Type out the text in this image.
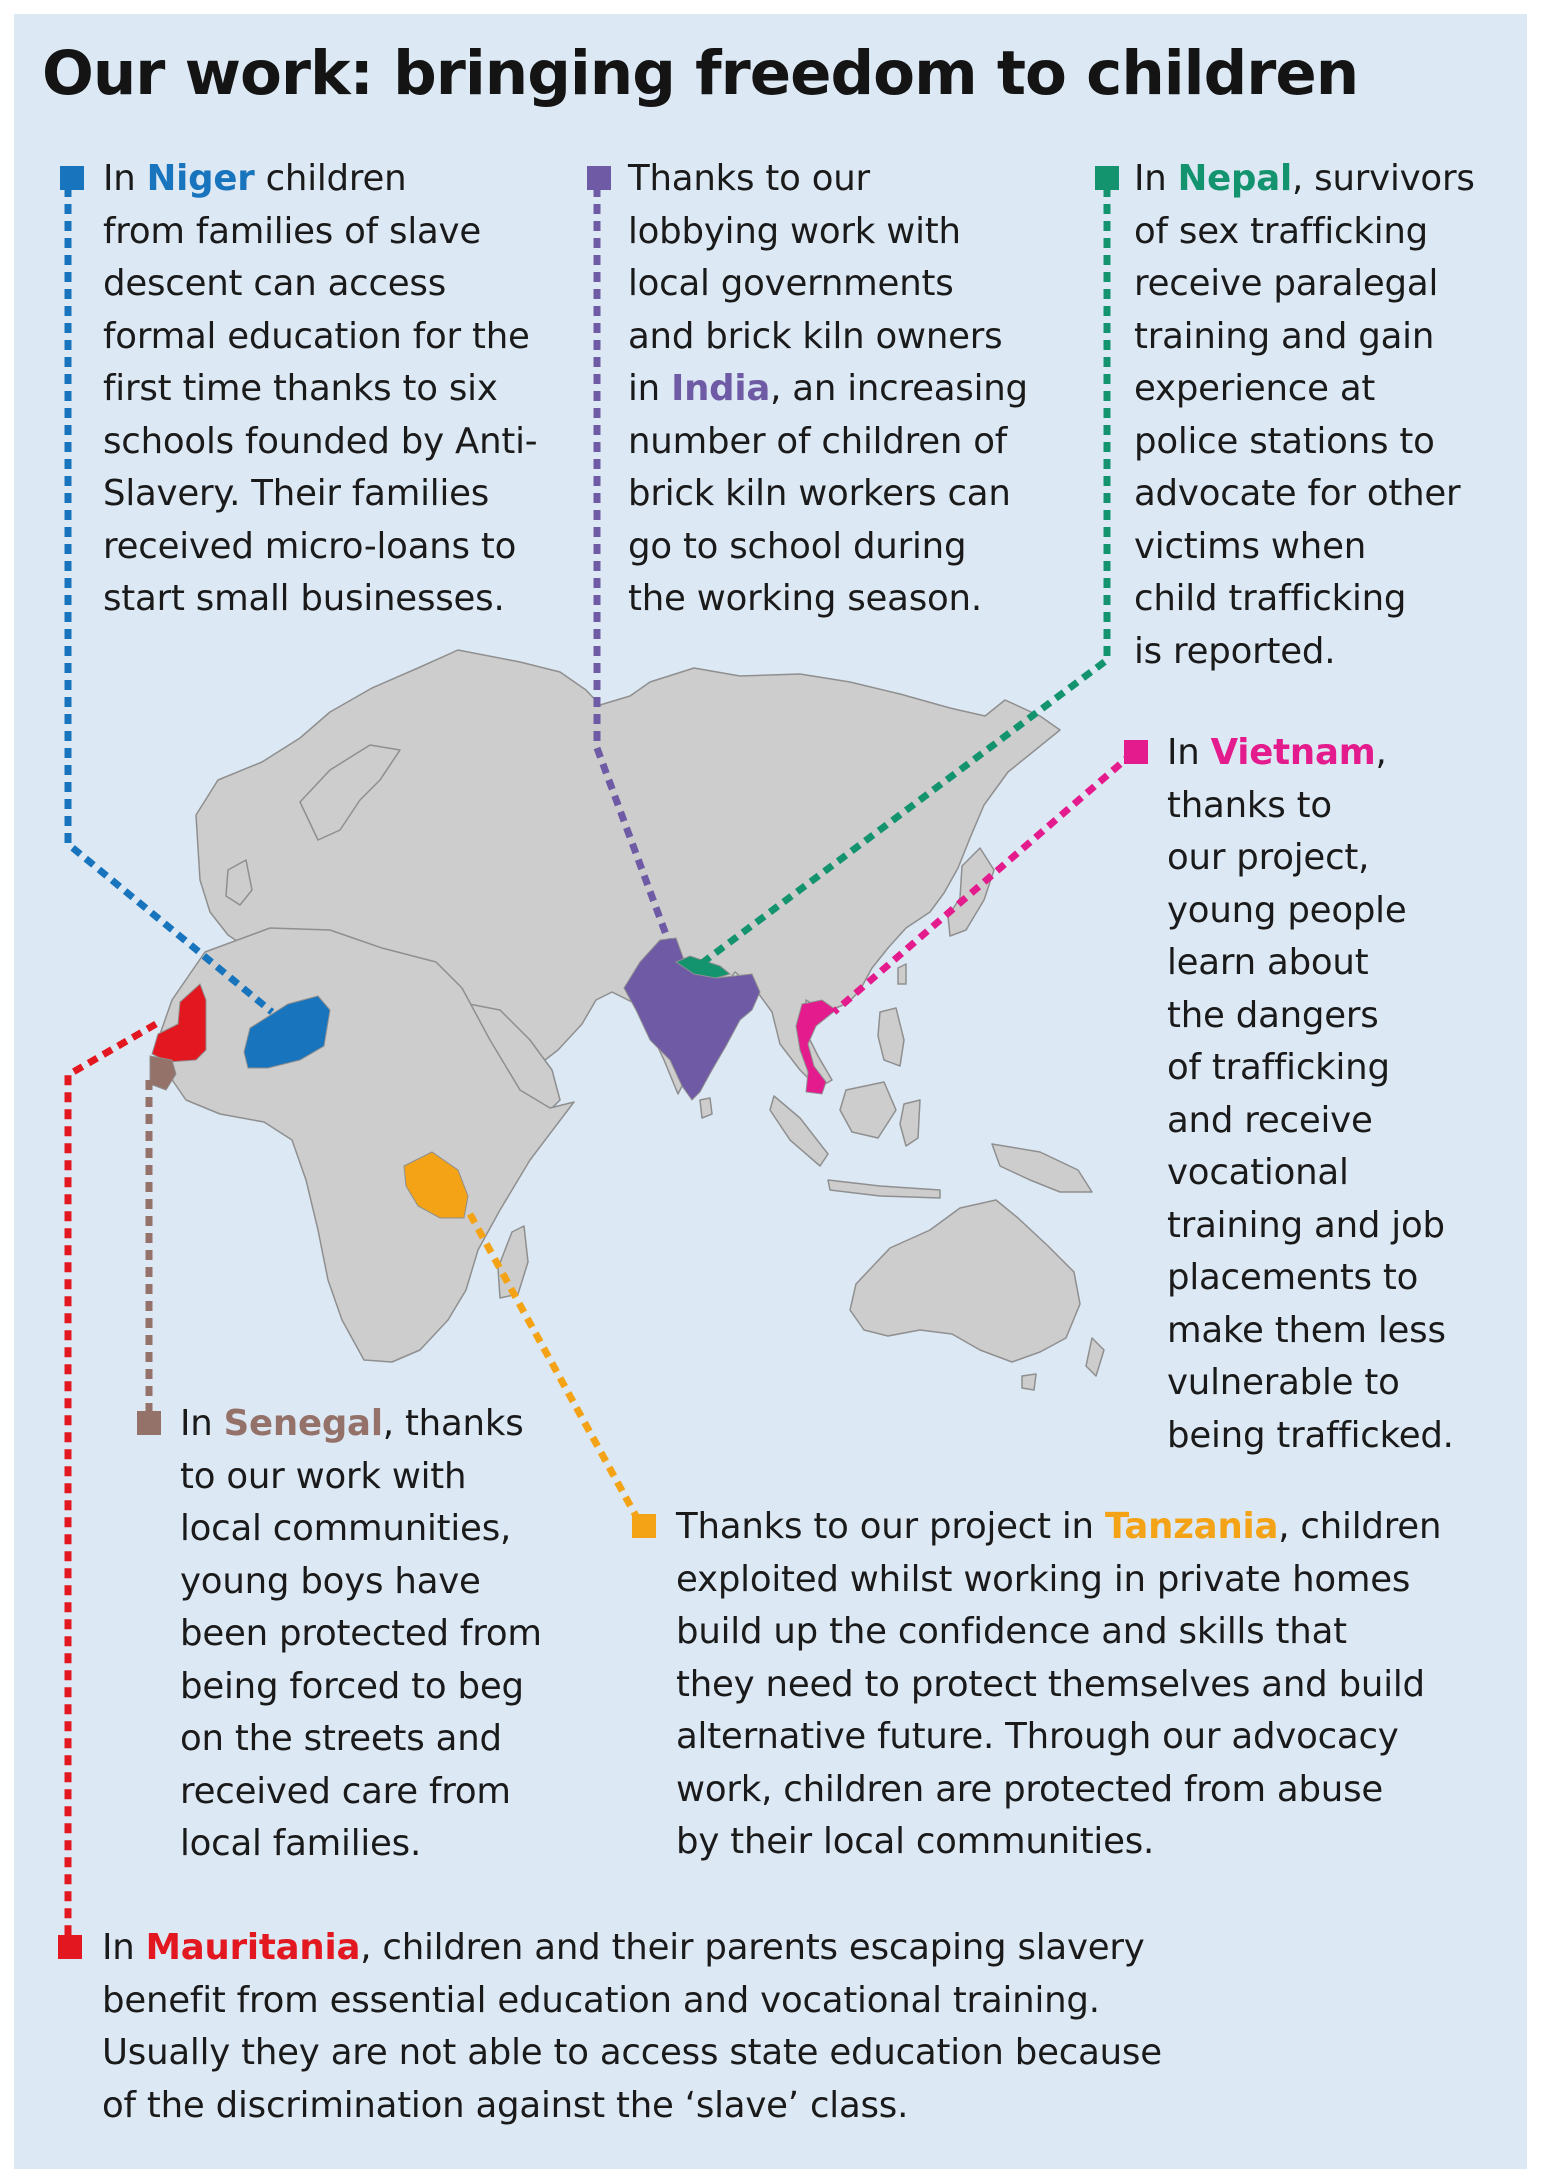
Our work: bringing freedom to children
In Niger children
from families of slave
descent can access
formal education for the
first time thanks to six
schools founded by Anti-
Slavery. Their families
received micro-loans to
start small businesses.
Thanks to our
lobbying work with
local governments
and brick kiln owners
in India, an increasing
number of children of
brick kiln workers can
go to school during
the working season.
In Nepal, survivors
of sex trafficking
receive paralegal
training and gain
experience at
police stations to
advocate for other
victims when
child trafficking
is reported.
In Vietnam,
thanks to
our project,
young people
learn about
the dangers
of trafficking
and receive
vocational
training and job
placements to
make them less
vulnerable to
being trafficked.
In Senegal, thanks
to our work with
local communities,
young boys have
been protected from
being forced to beg
on the streets and
received care from
local families.
Thanks to our project in Tanzania, children
exploited whilst working in private homes
build up the confidence and skills that
they need to protect themselves and build
alternative future. Through our advocacy
work, children are protected from abuse
by their local communities.
In Mauritania, children and their parents escaping slavery
benefit from essential education and vocational training.
Usually they are not able to access state education because
of the discrimination against the ‘slave’ class.
